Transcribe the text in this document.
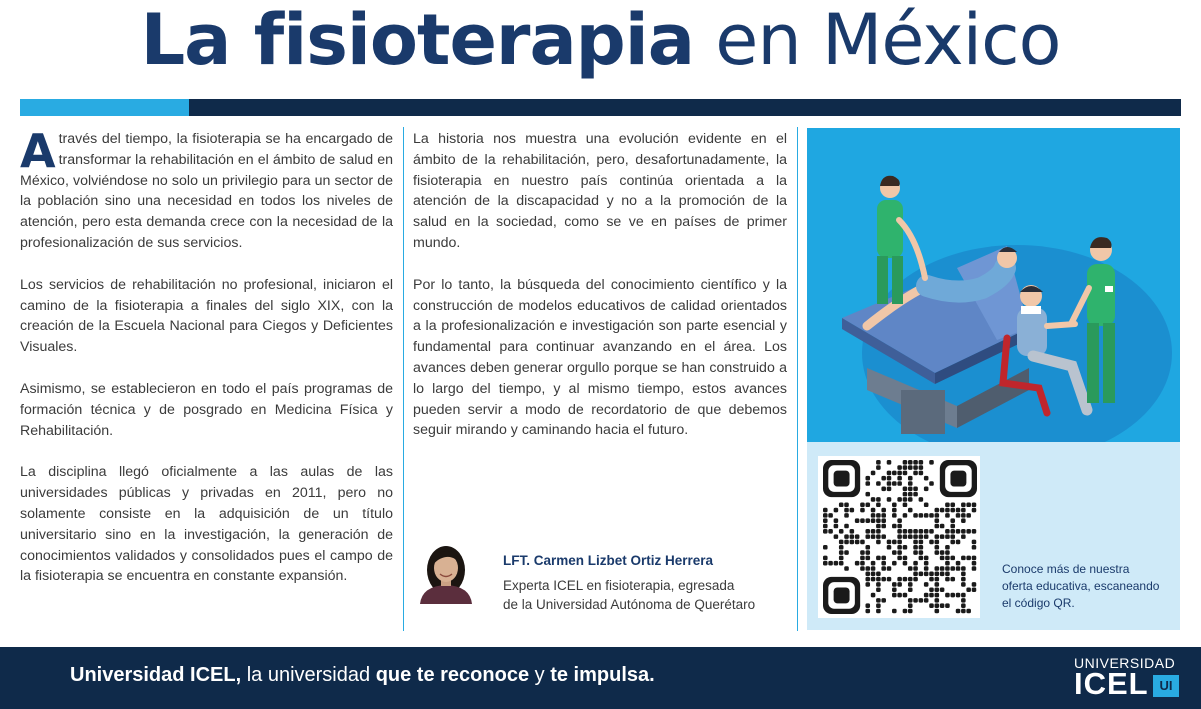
La fisioterapia en México

Através del tiempo, la fisioterapia se ha encargado de transformar la rehabilitación en el ámbito de salud en México, volviéndose no solo un privilegio para un sector de la población sino una necesidad en todos los niveles de atención, pero esta demanda crece con la necesidad de la profesionalización de sus servicios.

Los servicios de rehabilitación no profesional, iniciaron el camino de la fisioterapia a finales del siglo XIX, con la creación de la Escuela Nacional para Ciegos y Deficientes Visuales.

Asimismo, se establecieron en todo el país programas de formación técnica y de posgrado en Medicina Física y Rehabilitación.

La disciplina llegó oficialmente a las aulas de las universidades públicas y privadas en 2011, pero no solamente consiste en la adquisición de un título universitario sino en la investigación, la generación de conocimientos validados y consolidados pues el campo de la fisioterapia se encuentra en constante expansión.

La historia nos muestra una evolución evidente en el ámbito de la rehabilitación, pero, desafortunadamente, la fisioterapia en nuestro país continúa orientada a la atención de la discapacidad y no a la promoción de la salud en la sociedad, como se ve en países de primer mundo.

Por lo tanto, la búsqueda del conocimiento científico y la construcción de modelos educativos de calidad orientados a la profesionalización e investigación son parte esencial y fundamental para continuar avanzando en el área. Los avances deben generar orgullo porque se han construido a lo largo del tiempo, y al mismo tiempo, estos avances pueden servir a modo de recordatorio de que debemos seguir mirando y caminando hacia el futuro.

LFT. Carmen Lizbet Ortiz Herrera
Experta ICEL en fisioterapia, egresada
de la Universidad Autónoma de Querétaro
Conoce más de nuestra
oferta educativa, escaneando
el código QR.
Universidad ICEL, la universidad que te reconoce y te impulsa.
UNIVERSIDAD
ICEL UI
